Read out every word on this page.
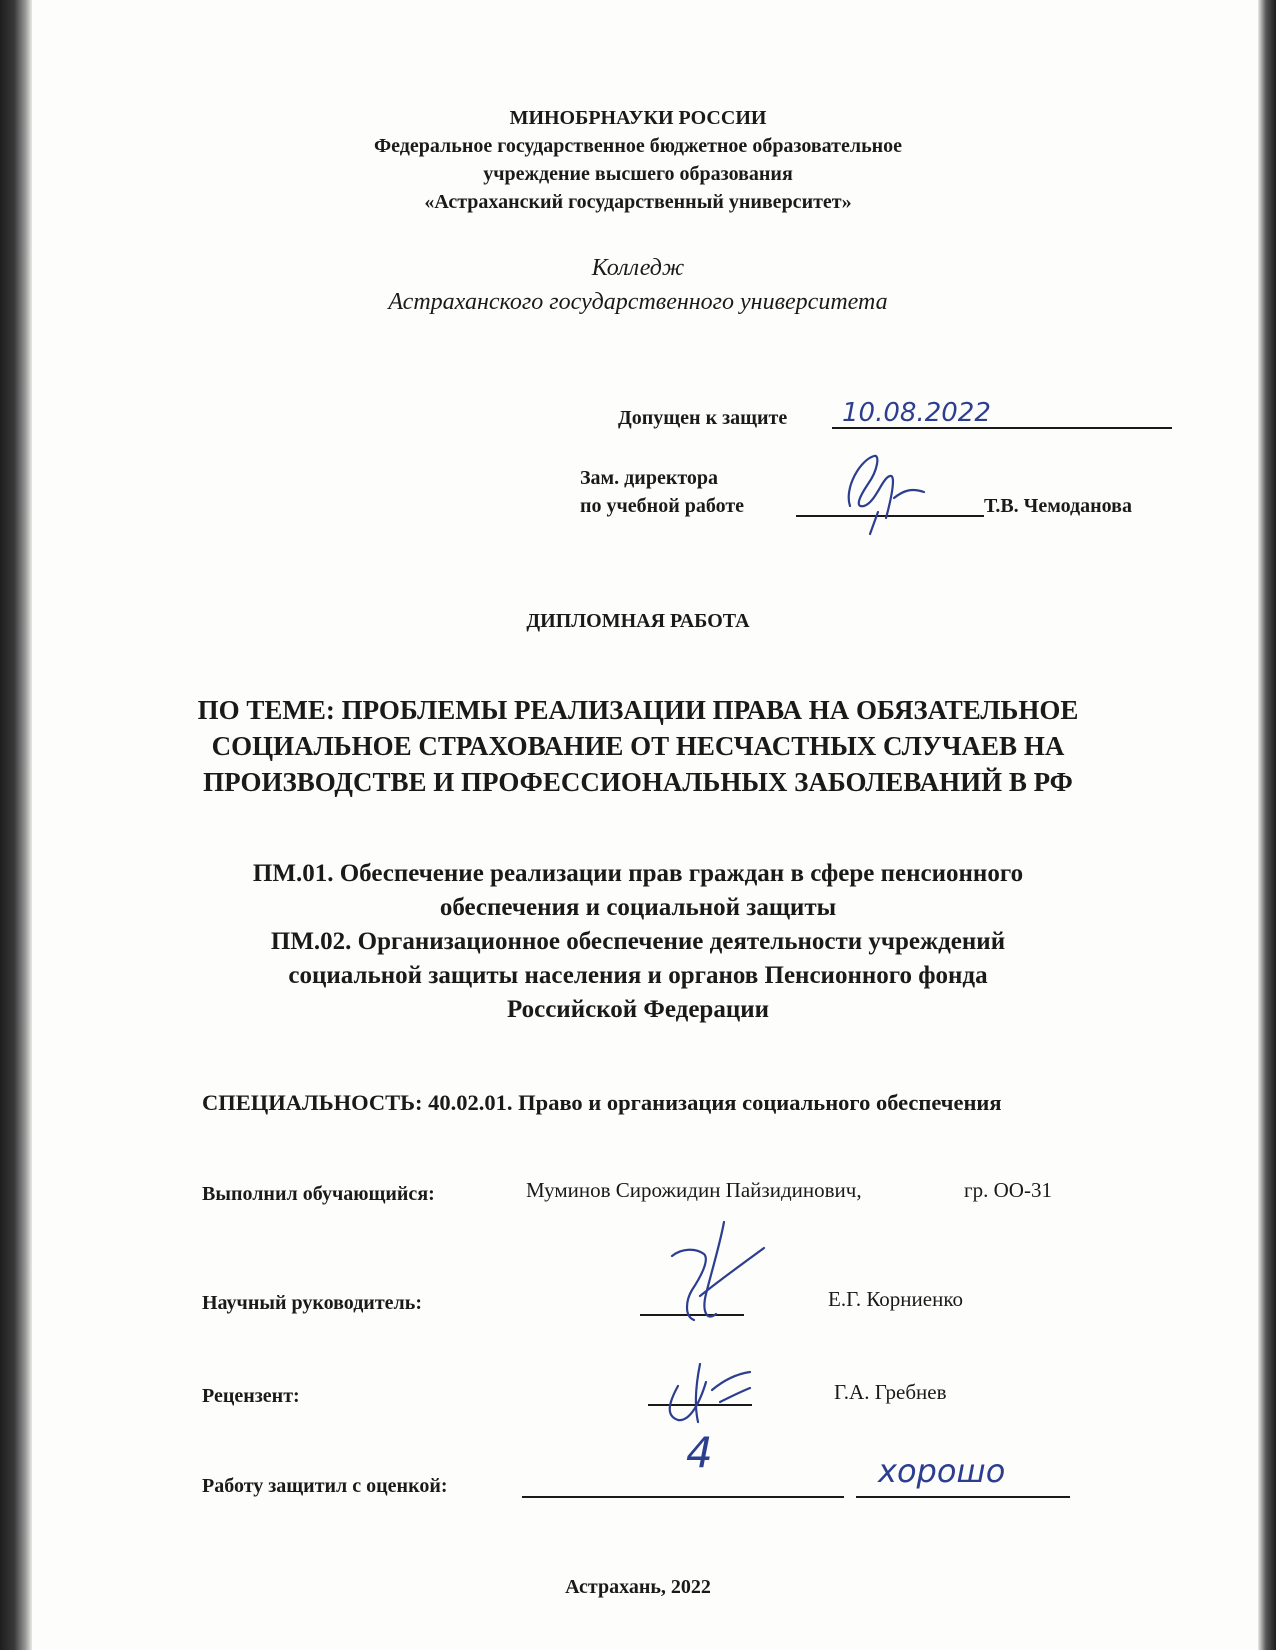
МИНОБРНАУКИ РОССИИ
Федеральное государственное бюджетное образовательное
учреждение высшего образования
«Астраханский государственный университет»
Колледж
Астраханского государственного университета
Допущен к защите 10.08.2022
Зам. директора
по учебной работе	Т.В. Чемоданова
ДИПЛОМНАЯ РАБОТА
ПО ТЕМЕ: ПРОБЛЕМЫ РЕАЛИЗАЦИИ ПРАВА НА ОБЯЗАТЕЛЬНОЕ
СОЦИАЛЬНОЕ СТРАХОВАНИЕ ОТ НЕСЧАСТНЫХ СЛУЧАЕВ НА
ПРОИЗВОДСТВЕ И ПРОФЕССИОНАЛЬНЫХ ЗАБОЛЕВАНИЙ В РФ
ПМ.01. Обеспечение реализации прав граждан в сфере пенсионного
обеспечения и социальной защиты
ПМ.02. Организационное обеспечение деятельности учреждений
социальной защиты населения и органов Пенсионного фонда
Российской Федерации
СПЕЦИАЛЬНОСТЬ: 40.02.01. Право и организация социального обеспечения
Выполнил обучающийся:	Муминов Сирожидин Пайзидинович,	гр. ОО-31
Научный руководитель:	Е.Г. Корниенко
Рецензент:	Г.А. Гребнев
Работу защитил с оценкой:
4	хорошо
Астрахань, 2022
